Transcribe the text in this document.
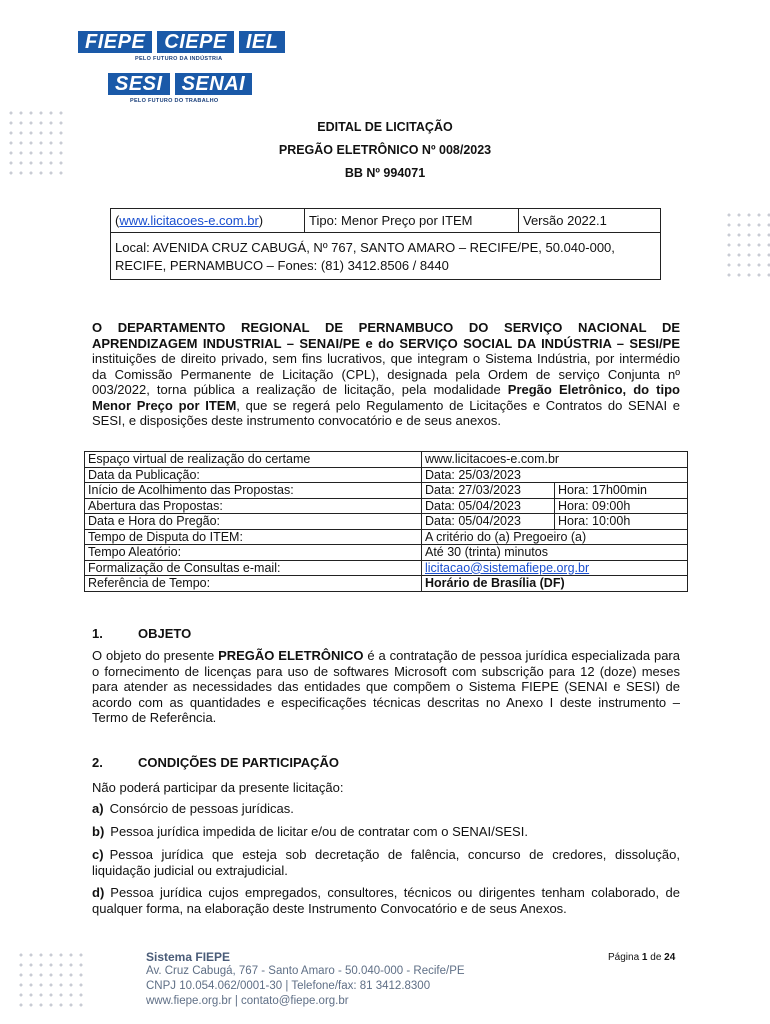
FIEPE CIEPE IEL
PELO FUTURO DA INDÚSTRIA
SESI SENAI
PELO FUTURO DO TRABALHO
EDITAL DE LICITAÇÃO
PREGÃO ELETRÔNICO Nº 008/2023
BB Nº 994071
(www.licitacoes-e.com.br)	Tipo: Menor Preço por ITEM	Versão 2022.1
Local: AVENIDA CRUZ CABUGÁ, Nº 767, SANTO AMARO – RECIFE/PE, 50.040-000, RECIFE, PERNAMBUCO – Fones: (81) 3412.8506 / 8440
O DEPARTAMENTO REGIONAL DE PERNAMBUCO DO SERVIÇO NACIONAL DE APRENDIZAGEM INDUSTRIAL – SENAI/PE e do SERVIÇO SOCIAL DA INDÚSTRIA – SESI/PE instituições de direito privado, sem fins lucrativos, que integram o Sistema Indústria, por intermédio da Comissão Permanente de Licitação (CPL), designada pela Ordem de serviço Conjunta nº 003/2022, torna pública a realização de licitação, pela modalidade Pregão Eletrônico, do tipo Menor Preço por ITEM, que se regerá pelo Regulamento de Licitações e Contratos do SENAI e SESI, e disposições deste instrumento convocatório e de seus anexos.
Espaço virtual de realização do certame	www.licitacoes-e.com.br	
Data da Publicação:	Data: 25/03/2023	
Início de Acolhimento das Propostas:	Data: 27/03/2023	Hora: 17h00min
Abertura das Propostas:	Data: 05/04/2023	Hora: 09:00h
Data e Hora do Pregão:	Data: 05/04/2023	Hora: 10:00h
Tempo de Disputa do ITEM:	A critério do (a) Pregoeiro (a)	
Tempo Aleatório:	Até 30 (trinta) minutos	
Formalização de Consultas e-mail:	licitacao@sistemafiepe.org.br	
Referência de Tempo:	Horário de Brasília (DF)	
1.	OBJETO
O objeto do presente PREGÃO ELETRÔNICO é a contratação de pessoa jurídica especializada para o fornecimento de licenças para uso de softwares Microsoft com subscrição para 12 (doze) meses para atender as necessidades das entidades que compõem o Sistema FIEPE (SENAI e SESI) de acordo com as quantidades e especificações técnicas descritas no Anexo I deste instrumento – Termo de Referência.
2.	CONDIÇÕES DE PARTICIPAÇÃO
Não poderá participar da presente licitação:
a) Consórcio de pessoas jurídicas.
b) Pessoa jurídica impedida de licitar e/ou de contratar com o SENAI/SESI.
c) Pessoa jurídica que esteja sob decretação de falência, concurso de credores, dissolução, liquidação judicial ou extrajudicial.
d) Pessoa jurídica cujos empregados, consultores, técnicos ou dirigentes tenham colaborado, de qualquer forma, na elaboração deste Instrumento Convocatório e de seus Anexos.
Página 1 de 24
Sistema FIEPE
Av. Cruz Cabugá, 767 - Santo Amaro - 50.040-000 - Recife/PE
CNPJ 10.054.062/0001-30 | Telefone/fax: 81 3412.8300
www.fiepe.org.br | contato@fiepe.org.br
